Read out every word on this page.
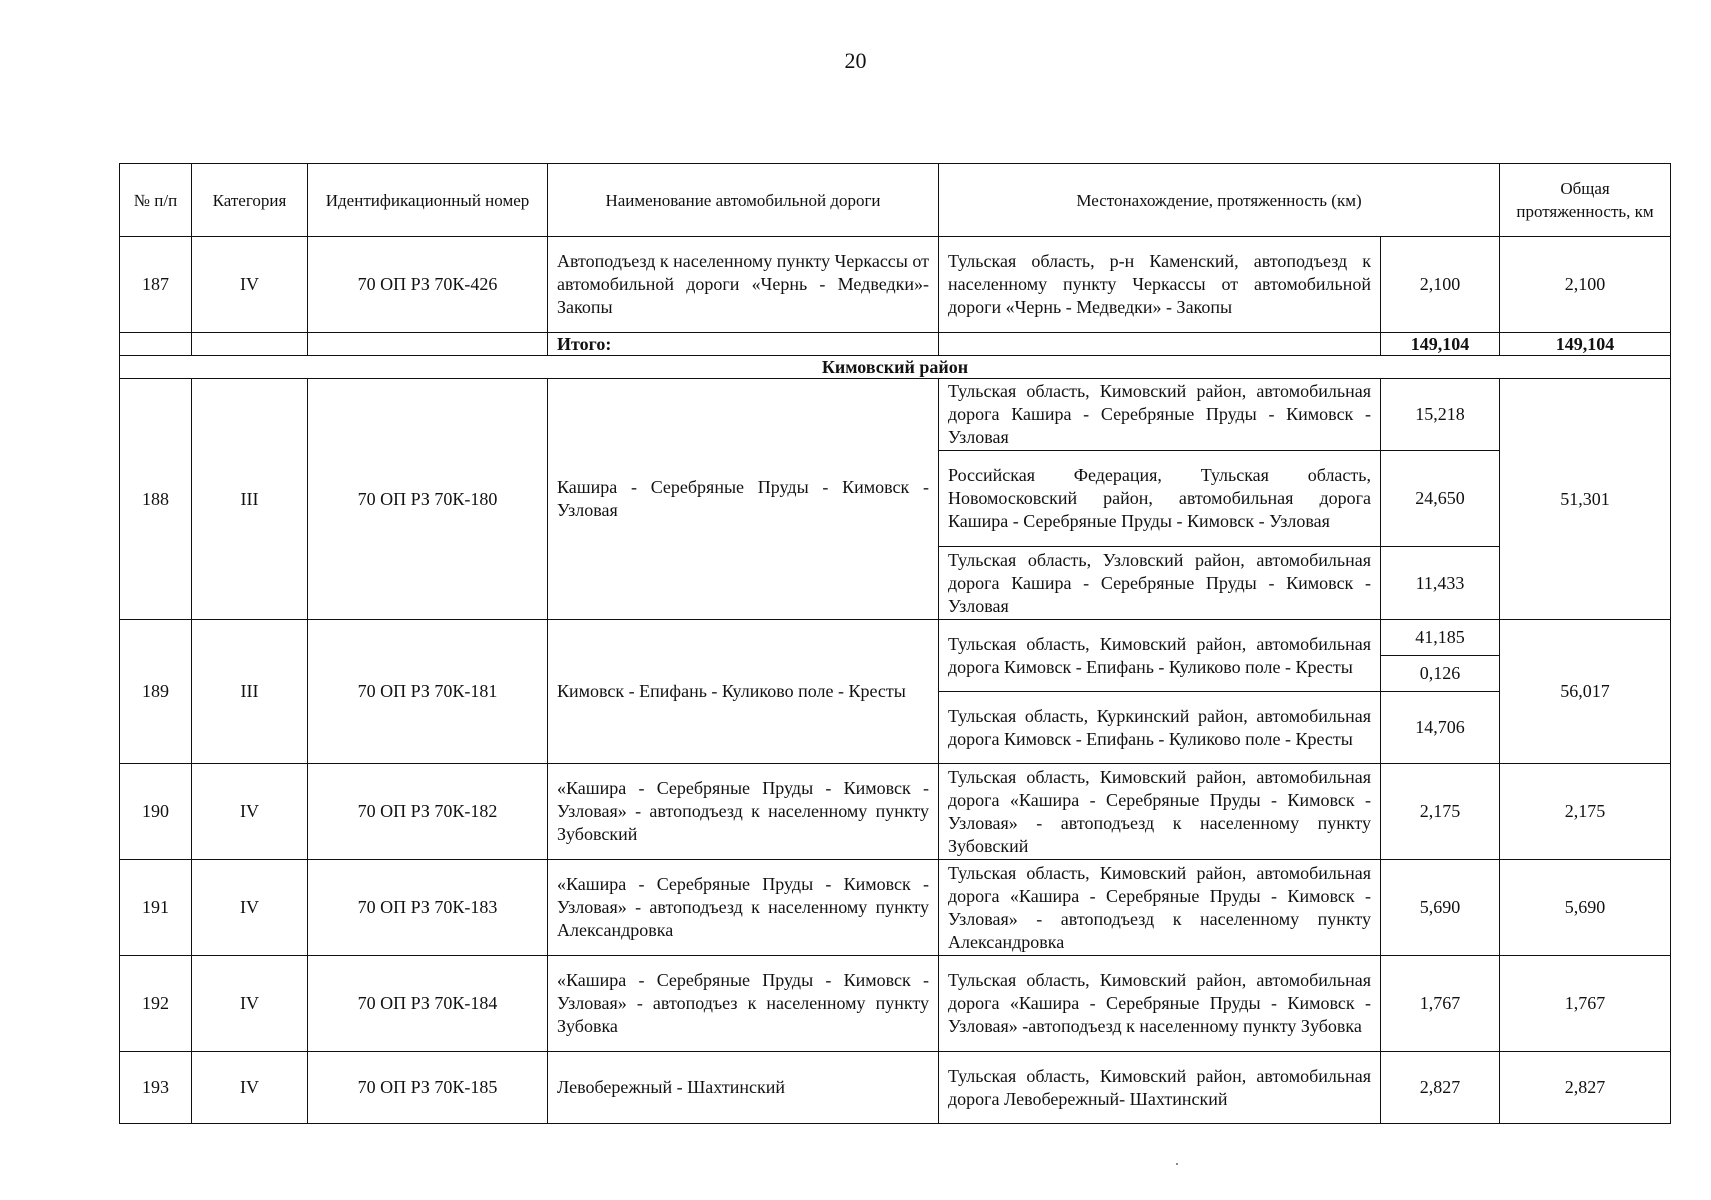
20
№ п/п	Категория	Идентификационный номер	Наименование автомобильной дороги	Местонахождение, протяженность (км)		Общая протяженность, км
187	IV	70 ОП РЗ 70К-426	Автоподъезд к населенному пункту Черкассы от автомобильной дороги «Чернь - Медведки»-Закопы	Тульская область, р-н Каменский, автоподъезд к населенному пункту Черкассы от автомобильной дороги «Чернь - Медведки» - Закопы	2,100	2,100
			Итого:		149,104	149,104
Кимовский район						
188	III	70 ОП РЗ 70К-180	Кашира - Серебряные Пруды - Кимовск - Узловая	Тульская область, Кимовский район, автомобильная дорога Кашира - Серебряные Пруды - Кимовск - Узловая	15,218	51,301
				Российская Федерация, Тульская область, Новомосковский район, автомобильная дорога Кашира - Серебряные Пруды - Кимовск - Узловая	24,650	
				Тульская область, Узловский район, автомобильная дорога Кашира - Серебряные Пруды - Кимовск - Узловая	11,433	
189	III	70 ОП РЗ 70К-181	Кимовск - Епифань - Куликово поле - Кресты	Тульская область, Кимовский район, автомобильная дорога Кимовск - Епифань - Куликово поле - Кресты	41,185	56,017
					0,126	
				Тульская область, Куркинский район, автомобильная дорога Кимовск - Епифань - Куликово поле - Кресты	14,706	
190	IV	70 ОП РЗ 70К-182	«Кашира - Серебряные Пруды - Кимовск - Узловая» - автоподъезд к населенному пункту Зубовский	Тульская область, Кимовский район, автомобильная дорога «Кашира - Серебряные Пруды - Кимовск - Узловая» - автоподъезд к населенному пункту Зубовский	2,175	2,175
191	IV	70 ОП РЗ 70К-183	«Кашира - Серебряные Пруды - Кимовск - Узловая» - автоподъезд к населенному пункту Александровка	Тульская область, Кимовский район, автомобильная дорога «Кашира - Серебряные Пруды - Кимовск - Узловая» - автоподъезд к населенному пункту Александровка	5,690	5,690
192	IV	70 ОП РЗ 70К-184	«Кашира - Серебряные Пруды - Кимовск - Узловая» - автоподъез к населенному пункту Зубовка	Тульская область, Кимовский район, автомобильная дорога «Кашира - Серебряные Пруды - Кимовск - Узловая» -автоподъезд к населенному пункту Зубовка	1,767	1,767
193	IV	70 ОП РЗ 70К-185	Левобережный - Шахтинский	Тульская область, Кимовский район, автомобильная дорога Левобережный- Шахтинский	2,827	2,827
